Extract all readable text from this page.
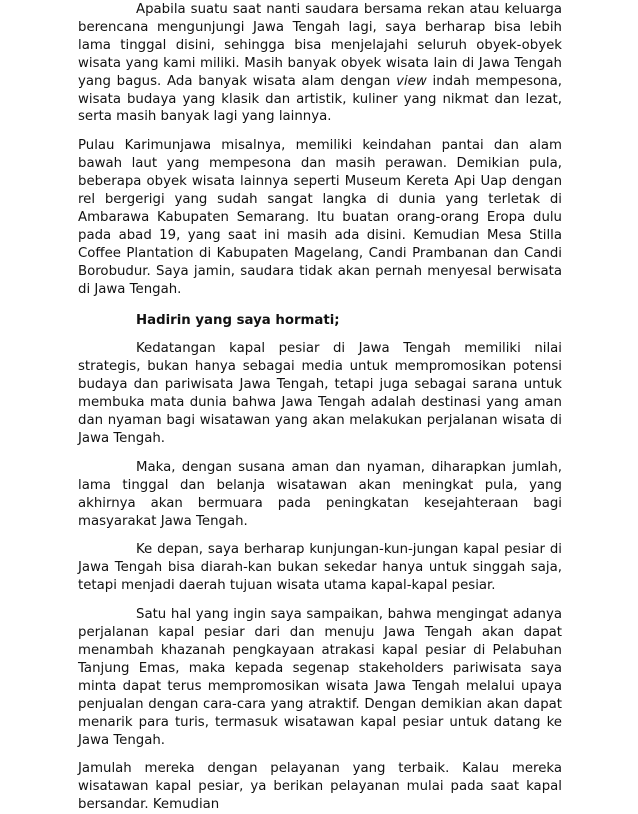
Apabila suatu saat nanti saudara bersama rekan atau keluarga berencana mengunjungi Jawa Tengah lagi, saya berharap bisa lebih lama tinggal disini, sehingga bisa menjelajahi seluruh obyek-obyek wisata yang kami miliki. Masih banyak obyek wisata lain di Jawa Tengah yang bagus. Ada banyak wisata alam dengan view indah mempesona, wisata budaya yang klasik dan artistik, kuliner yang nikmat dan lezat, serta masih banyak lagi yang lainnya.

Pulau Karimunjawa misalnya, memiliki keindahan pantai dan alam bawah laut yang mempesona dan masih perawan. Demikian pula, beberapa obyek wisata lainnya seperti Museum Kereta Api Uap dengan rel bergerigi yang sudah sangat langka di dunia yang terletak di Ambarawa Kabupaten Semarang. Itu buatan orang-orang Eropa dulu pada abad 19, yang saat ini masih ada disini. Kemudian Mesa Stilla Coffee Plantation di Kabupaten Magelang, Candi Prambanan dan Candi Borobudur. Saya jamin, saudara tidak akan pernah menyesal berwisata di Jawa Tengah.

Hadirin yang saya hormati;

Kedatangan kapal pesiar di Jawa Tengah memiliki nilai strategis, bukan hanya sebagai media untuk mempromosikan potensi budaya dan pariwisata Jawa Tengah, tetapi juga sebagai sarana untuk membuka mata dunia bahwa Jawa Tengah adalah destinasi yang aman dan nyaman bagi wisatawan yang akan melakukan perjalanan wisata di Jawa Tengah.

Maka, dengan susana aman dan nyaman, diharapkan jumlah, lama tinggal dan belanja wisatawan akan meningkat pula, yang akhirnya akan bermuara pada peningkatan kesejahteraan bagi masyarakat Jawa Tengah.

Ke depan, saya berharap kunjungan-kun-jungan kapal pesiar di Jawa Tengah bisa diarah-kan bukan sekedar hanya untuk singgah saja, tetapi menjadi daerah tujuan wisata utama kapal-kapal pesiar.

Satu hal yang ingin saya sampaikan, bahwa mengingat adanya perjalanan kapal pesiar dari dan menuju Jawa Tengah akan dapat menambah khazanah pengkayaan atrakasi kapal pesiar di Pelabuhan Tanjung Emas, maka kepada segenap stakeholders pariwisata saya minta dapat terus mempromosikan wisata Jawa Tengah melalui upaya penjualan dengan cara-cara yang atraktif. Dengan demikian akan dapat menarik para turis, termasuk wisatawan kapal pesiar untuk datang ke Jawa Tengah.

Jamulah mereka dengan pelayanan yang terbaik. Kalau mereka wisatawan kapal pesiar, ya berikan pelayanan mulai pada saat kapal bersandar. Kemudian
